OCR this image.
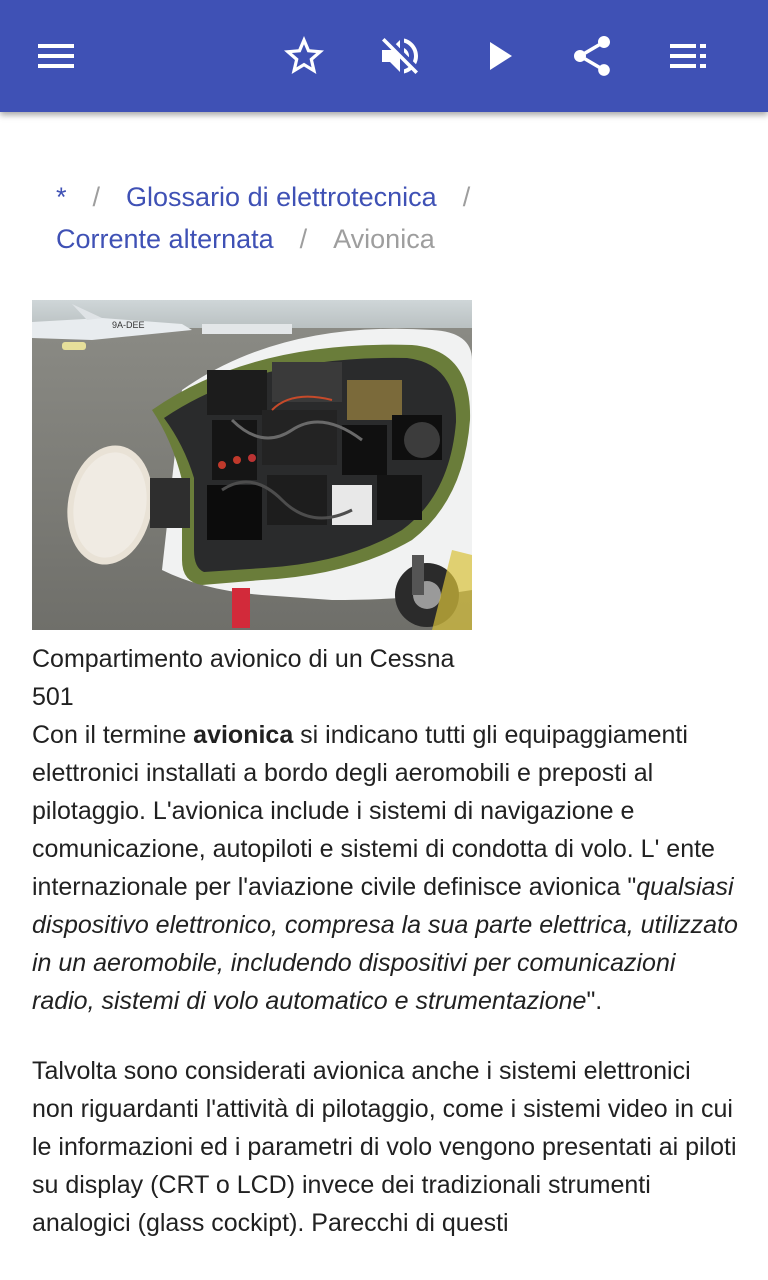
* / Glossario di elettrotecnica /
Corrente alternata / Avionica
9A-DEE
Compartimento avionico di un Cessna 501

Con il termine avionica si indicano tutti gli equipaggiamenti elettronici installati a bordo degli aeromobili e preposti al pilotaggio. L'avionica include i sistemi di navigazione e comunicazione, autopiloti e sistemi di condotta di volo. L' ente internazionale per l'aviazione civile definisce avionica "qualsiasi dispositivo elettronico, compresa la sua parte elettrica, utilizzato in un aeromobile, includendo dispositivi per comunicazioni radio, sistemi di volo automatico e strumentazione".

Talvolta sono considerati avionica anche i sistemi elettronici non riguardanti l'attività di pilotaggio, come i sistemi video in cui le informazioni ed i parametri di volo vengono presentati ai piloti su display (CRT o LCD) invece dei tradizionali strumenti analogici (glass cockipt). Parecchi di questi
